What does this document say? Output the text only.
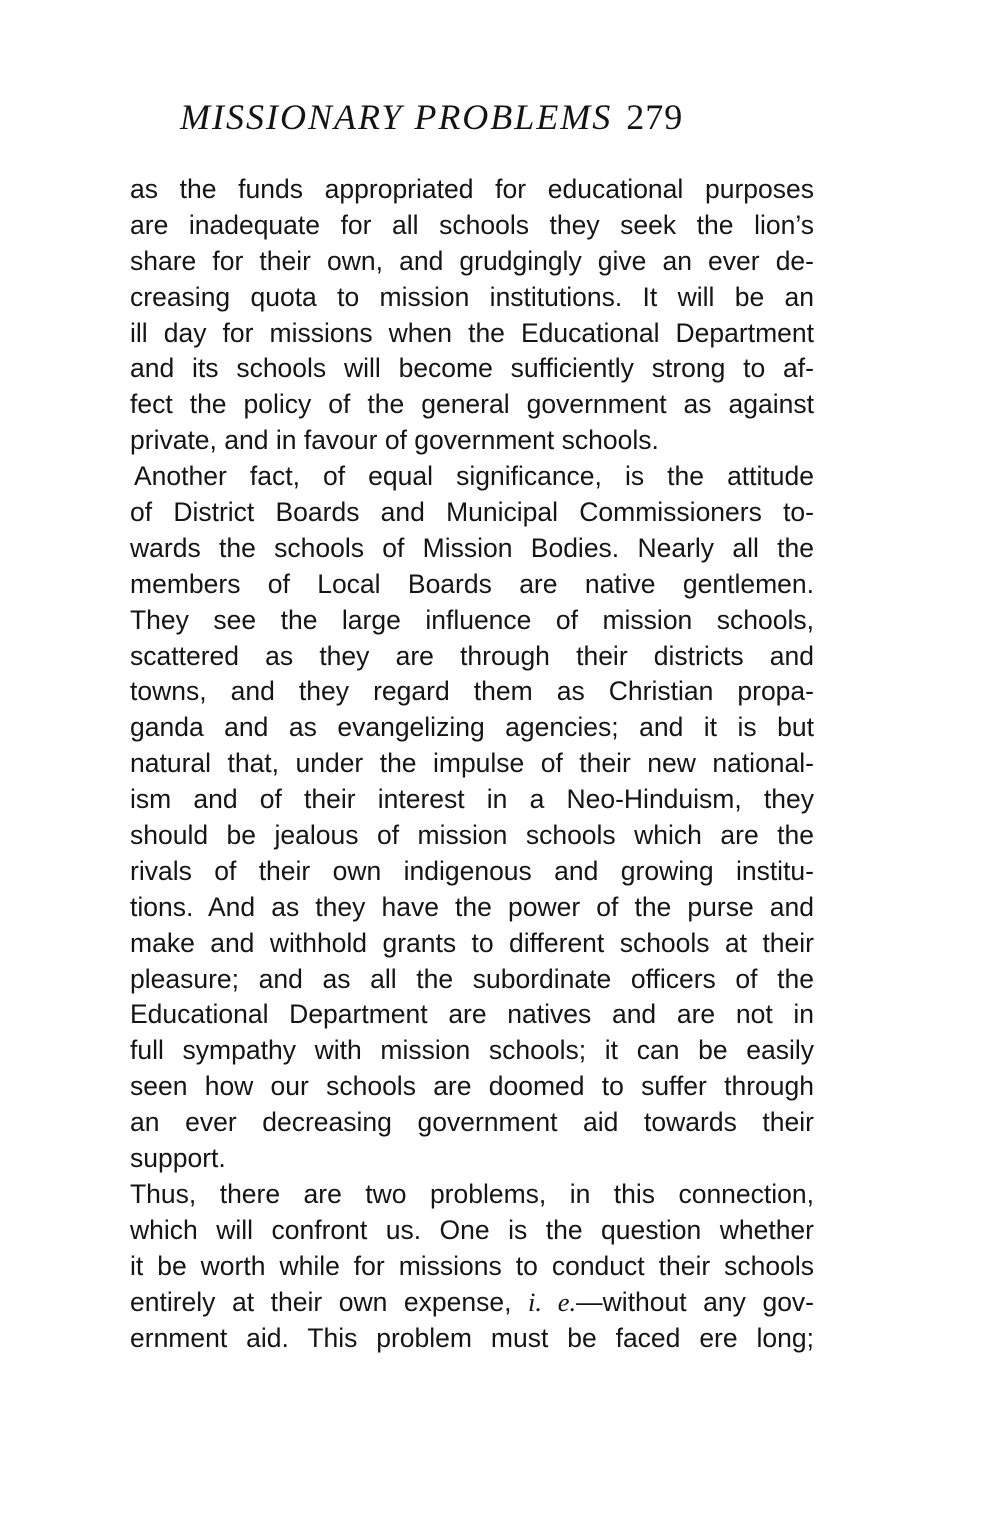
MISSIONARY PROBLEMS 279
as the funds appropriated for educational purposes
are inadequate for all schools they seek the lion’s
share for their own, and grudgingly give an ever de-
creasing quota to mission institutions. It will be an
ill day for missions when the Educational Department
and its schools will become sufficiently strong to af-
fect the policy of the general government as against
private, and in favour of government schools.
Another fact, of equal significance, is the attitude
of District Boards and Municipal Commissioners to-
wards the schools of Mission Bodies. Nearly all the
members of Local Boards are native gentlemen.
They see the large influence of mission schools,
scattered as they are through their districts and
towns, and they regard them as Christian propa-
ganda and as evangelizing agencies; and it is but
natural that, under the impulse of their new national-
ism and of their interest in a Neo-Hinduism, they
should be jealous of mission schools which are the
rivals of their own indigenous and growing institu-
tions. And as they have the power of the purse and
make and withhold grants to different schools at their
pleasure; and as all the subordinate officers of the
Educational Department are natives and are not in
full sympathy with mission schools; it can be easily
seen how our schools are doomed to suffer through
an ever decreasing government aid towards their
support.
Thus, there are two problems, in this connection,
which will confront us. One is the question whether
it be worth while for missions to conduct their schools
entirely at their own expense, i. e.—without any gov-
ernment aid. This problem must be faced ere long;
